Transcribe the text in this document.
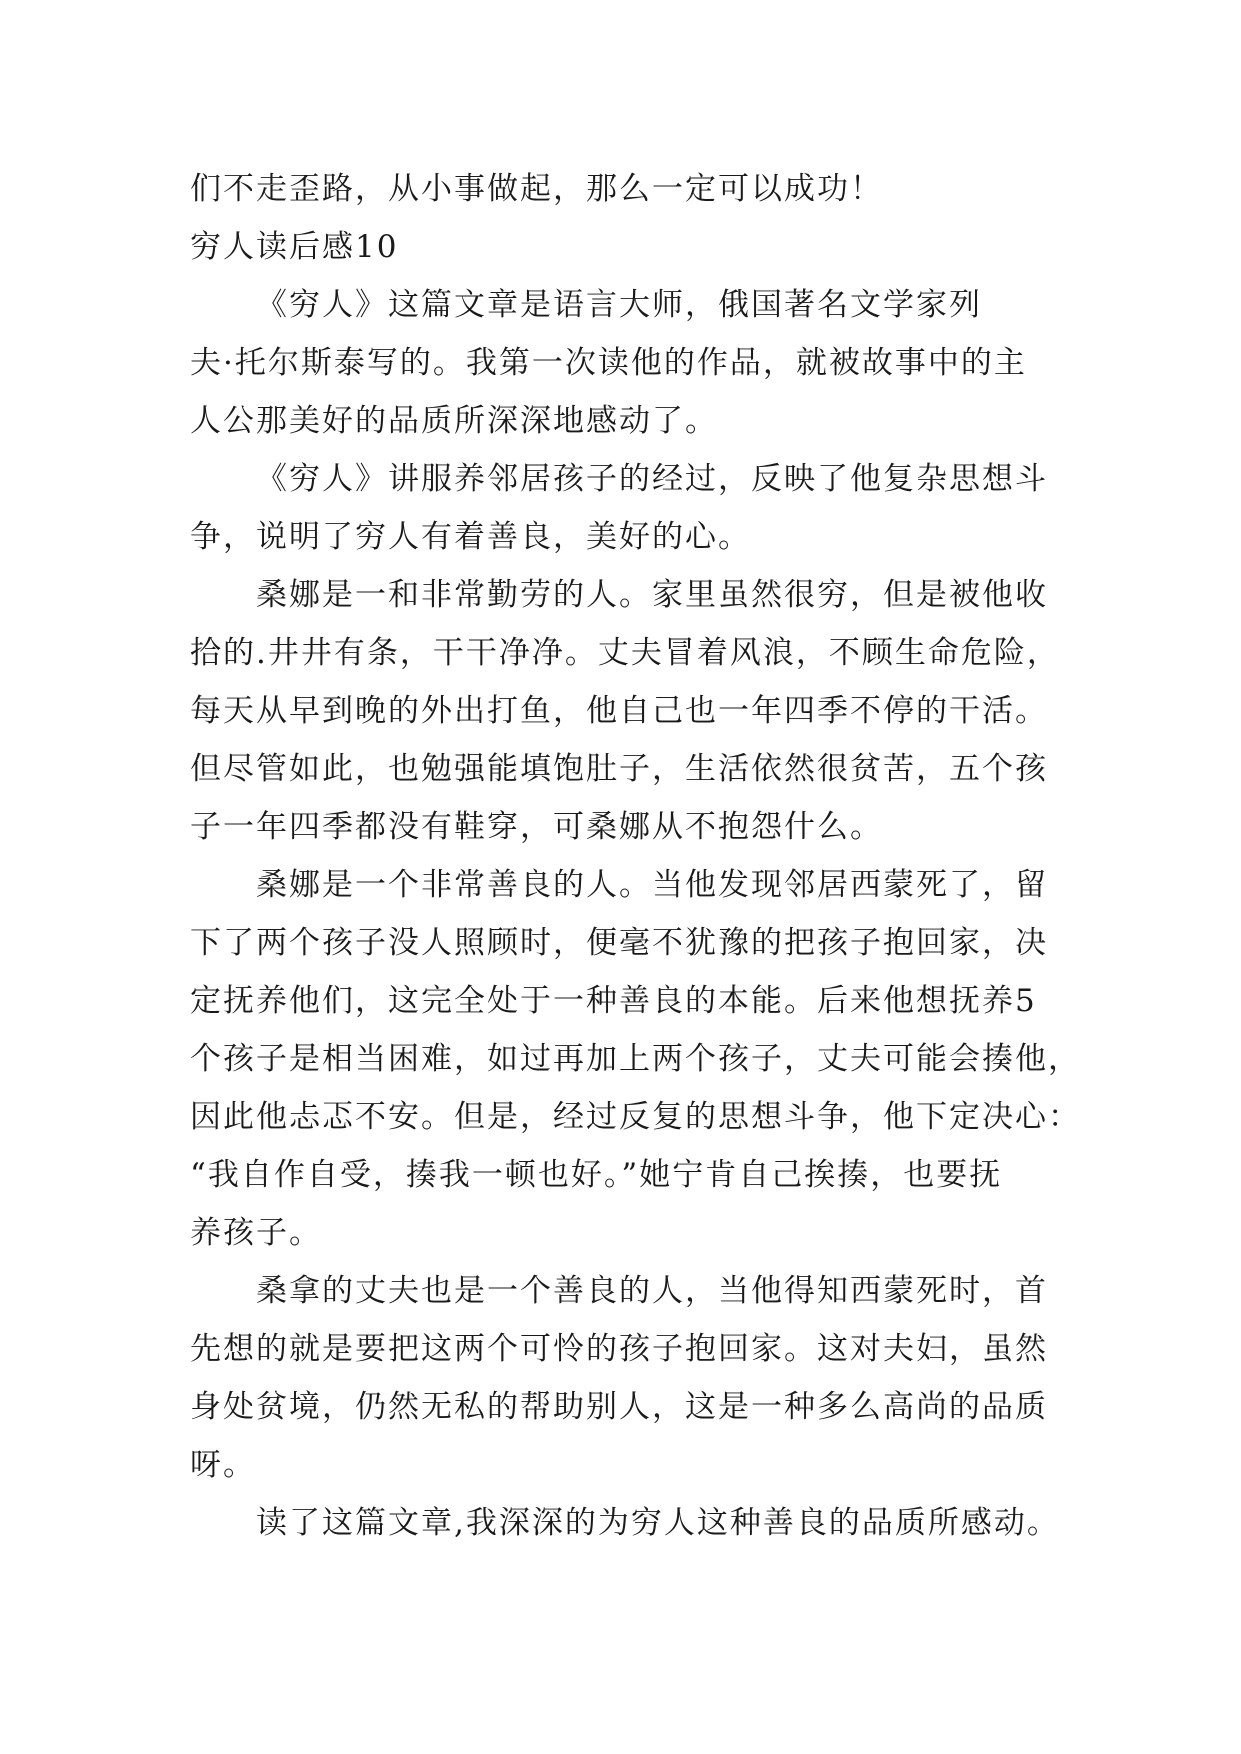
们不走歪路，从小事做起，那么一定可以成功！
穷人读后感10
《穷人》这篇文章是语言大师，俄国著名文学家列
夫·托尔斯泰写的。我第一次读他的作品，就被故事中的主
人公那美好的品质所深深地感动了。
《穷人》讲服养邻居孩子的经过，反映了他复杂思想斗
争，说明了穷人有着善良，美好的心。
桑娜是一和非常勤劳的人。家里虽然很穷，但是被他收
拾的.井井有条，干干净净。丈夫冒着风浪，不顾生命危险，
每天从早到晚的外出打鱼，他自己也一年四季不停的干活。
但尽管如此，也勉强能填饱肚子，生活依然很贫苦，五个孩
子一年四季都没有鞋穿，可桑娜从不抱怨什么。
桑娜是一个非常善良的人。当他发现邻居西蒙死了，留
下了两个孩子没人照顾时，便毫不犹豫的把孩子抱回家，决
定抚养他们，这完全处于一种善良的本能。后来他想抚养5
个孩子是相当困难，如过再加上两个孩子，丈夫可能会揍他，
因此他忐忑不安。但是，经过反复的思想斗争，他下定决心：
“我自作自受，揍我一顿也好。”她宁肯自己挨揍，也要抚
养孩子。
桑拿的丈夫也是一个善良的人，当他得知西蒙死时，首
先想的就是要把这两个可怜的孩子抱回家。这对夫妇，虽然
身处贫境，仍然无私的帮助别人，这是一种多么高尚的品质
呀。
读了这篇文章,我深深的为穷人这种善良的品质所感动。
